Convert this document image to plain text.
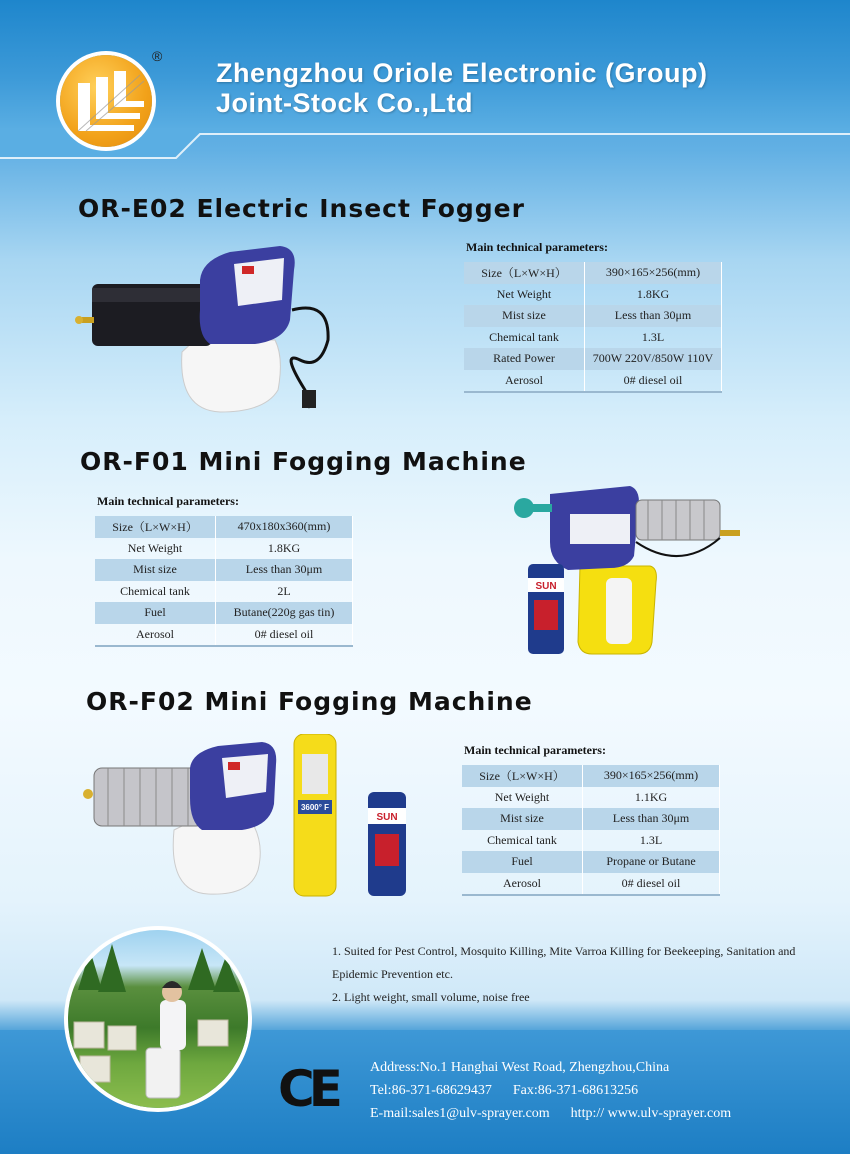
®
Zhengzhou Oriole Electronic (Group)
Joint-Stock Co.,Ltd
OR-E02 Electric Insect Fogger
Main technical parameters:
Size（L×W×H）	390×165×256(mm)
Net Weight	1.8KG
Mist size	Less than 30μm
Chemical tank	1.3L
Rated Power	700W 220V/850W 110V
Aerosol	0# diesel oil
OR-F01 Mini Fogging Machine
Main technical parameters:
Size（L×W×H）	470x180x360(mm)
Net Weight	1.8KG
Mist size	Less than 30μm
Chemical tank	2L
Fuel	Butane(220g gas tin)
Aerosol	0# diesel oil
SUN
OR-F02 Mini Fogging Machine
3600° F
SUN
Main technical parameters:
Size（L×W×H）	390×165×256(mm)
Net Weight	1.1KG
Mist size	Less than 30μm
Chemical tank	1.3L
Fuel	Propane or Butane
Aerosol	0# diesel oil
1. Suited for Pest Control, Mosquito Killing, Mite Varroa Killing for Beekeeping, Sanitation and Epidemic Prevention etc.
2. Light weight, small volume, noise free
CE Address:No.1 Hanghai West Road, Zhengzhou,China
Tel:86-371-68629437      Fax:86-371-68613256
E-mail:sales1@ulv-sprayer.com      http:// www.ulv-sprayer.com
